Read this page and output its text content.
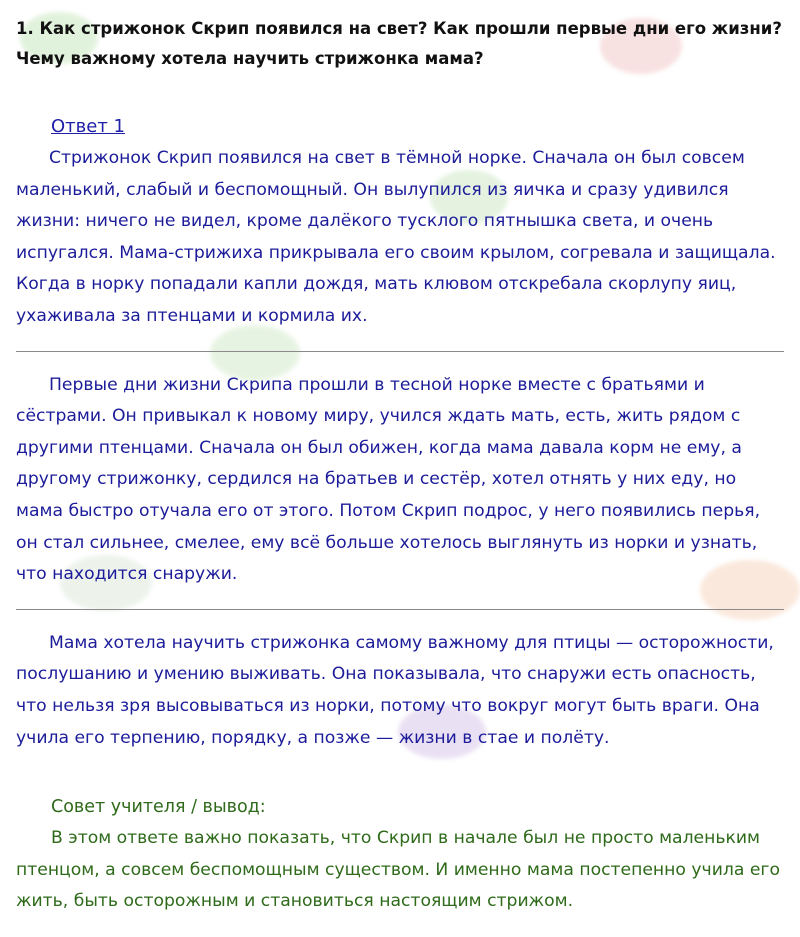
1. Как стрижонок Скрип появился на свет? Как прошли первые дни его жизни? Чему важному хотела научить стрижонка мама?
Ответ 1

Стрижонок Скрип появился на свет в тёмной норке. Сначала он был совсем маленький, слабый и беспомощный. Он вылупился из яичка и сразу удивился жизни: ничего не видел, кроме далёкого тусклого пятнышка света, и очень испугался. Мама-стрижиха прикрывала его своим крылом, согревала и защищала. Когда в норку попадали капли дождя, мать клювом отскребала скорлупу яиц, ухаживала за птенцами и кормила их.

Первые дни жизни Скрипа прошли в тесной норке вместе с братьями и сёстрами. Он привыкал к новому миру, учился ждать мать, есть, жить рядом с другими птенцами. Сначала он был обижен, когда мама давала корм не ему, а другому стрижонку, сердился на братьев и сестёр, хотел отнять у них еду, но мама быстро отучала его от этого. Потом Скрип подрос, у него появились перья, он стал сильнее, смелее, ему всё больше хотелось выглянуть из норки и узнать, что находится снаружи.

Мама хотела научить стрижонка самому важному для птицы — осторожности, послушанию и умению выживать. Она показывала, что снаружи есть опасность, что нельзя зря высовываться из норки, потому что вокруг могут быть враги. Она учила его терпению, порядку, а позже — жизни в стае и полёту.

Совет учителя / вывод:

В этом ответе важно показать, что Скрип в начале был не просто маленьким птенцом, а совсем беспомощным существом. И именно мама постепенно учила его жить, быть осторожным и становиться настоящим стрижом.
